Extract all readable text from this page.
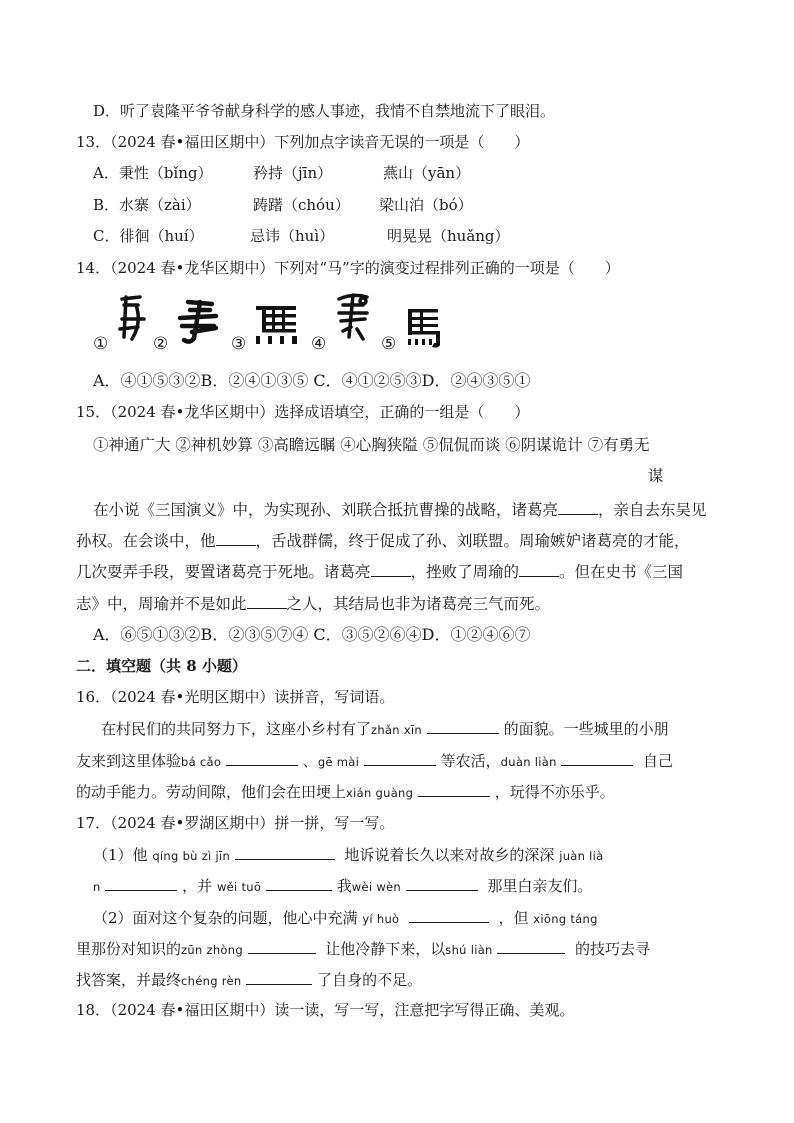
D．听了袁隆平爷爷献身科学的感人事迹，我情不自禁地流下了眼泪。
13．（2024 春•福田区期中）下列加点字读音无误的一项是（　　）
A．秉性（bǐng）	矜持（jīn）	燕山（yān）
B．水寨（zài）	踌躇（chóu） 梁山泊（bó）
C．徘徊（huí）	忌讳（huì）	明晃晃（huǎng）
14．（2024 春•龙华区期中）下列对“马”字的演变过程排列正确的一项是（　　）
①	②	③	④	⑤
A．④①⑤③②B．②④①③⑤ C．④①②⑤③D．②④③⑤①
15．（2024 春•龙华区期中）选择成语填空，正确的一组是（　　）
①神通广大 ②神机妙算 ③高瞻远瞩 ④心胸狭隘 ⑤侃侃而谈 ⑥阴谋诡计 ⑦有勇无
谋
在小说《三国演义》中，为实现孙、刘联合抵抗曹操的战略，诸葛亮	，亲自去东吴见
孙权。在会谈中，他	，舌战群儒，终于促成了孙、刘联盟。周瑜嫉妒诸葛亮的才能，
几次耍弄手段，要置诸葛亮于死地。诸葛亮	，挫败了周瑜的	。但在史书《三国
志》中，周瑜并不是如此	之人，其结局也非为诸葛亮三气而死。
A．⑥⑤①③②B．②③⑤⑦④ C．③⑤②⑥④D．①②④⑥⑦
二．填空题（共 8 小题）
16．（2024 春•光明区期中）读拼音，写词语。
在村民们的共同努力下，这座小乡村有了zhǎn xīn	的面貌。一些城里的小朋
友来到这里体验bá cǎo	、gē mài	等农活，duàn liàn	自己
的动手能力。劳动间隙，他们会在田埂上xián guàng	，玩得不亦乐乎。
17．（2024 春•罗湖区期中）拼一拼，写一写。
（1）他 qíng bù zì jīn	地诉说着长久以来对故乡的深深 juàn lià
n	，并 wěi tuō	我wèi wèn	那里白亲友们。
（2）面对这个复杂的问题，他心中充满 yí huò	，但 xiōng táng
里那份对知识的zūn zhòng	让他冷静下来，以shú liàn	的技巧去寻
找答案，并最终chéng rèn	了自身的不足。
18．（2024 春•福田区期中）读一读，写一写，注意把字写得正确、美观。
